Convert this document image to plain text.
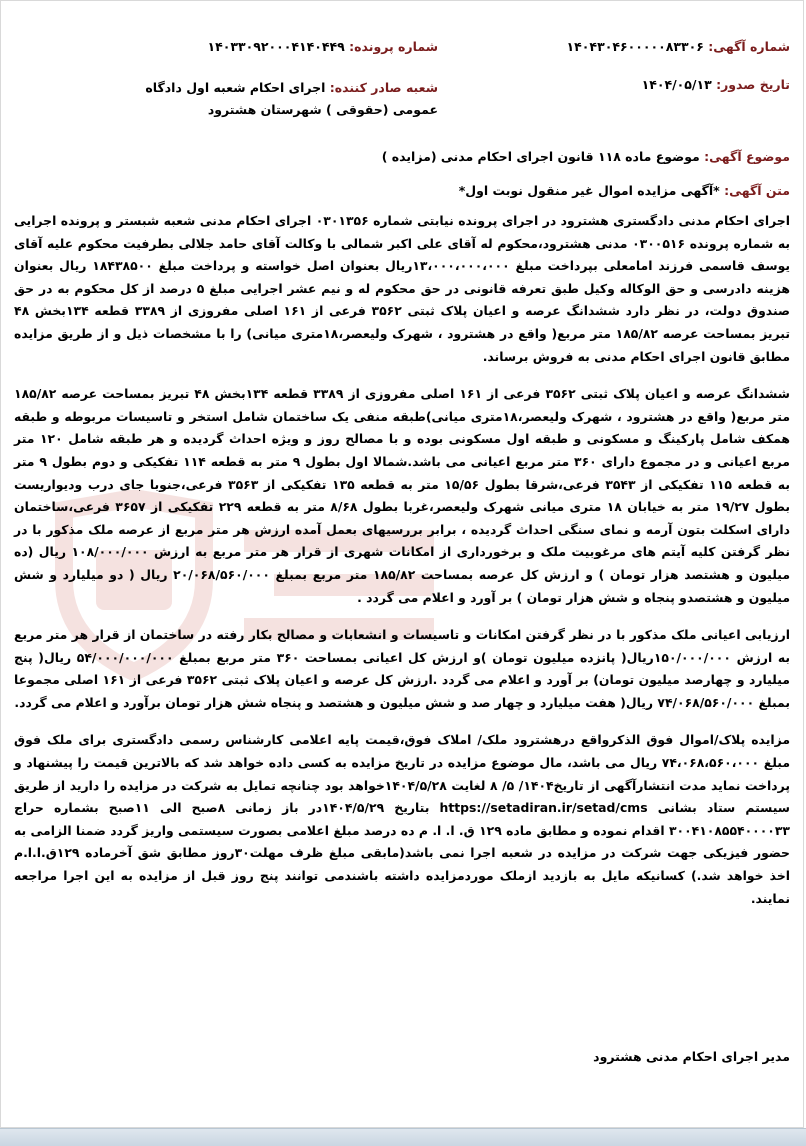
شماره آگهی: ۱۴۰۴۳۰۴۶۰۰۰۰۰۸۳۳۰۶
شماره پرونده: ۱۴۰۳۳۰۹۲۰۰۰۴۱۴۰۴۴۹
تاریخ صدور: ۱۴۰۴/۰۵/۱۳
شعبه صادر کننده: اجرای احکام شعبه اول دادگاه عمومی (حقوقی ) شهرستان هشترود
موضوع آگهی: موضوع ماده ۱۱۸ قانون اجرای احکام مدنی (مزایده )
متن آگهی: *آگهی مزایده اموال غیر منقول نوبت اول*

اجرای احکام مدنی دادگستری هشترود در اجرای پرونده نیابتی شماره ۰۳۰۱۳۵۶ اجرای احکام مدنی شعبه شبستر و پرونده اجرایی به شماره پرونده ۰۳۰۰۵۱۶ مدنی هشترود،محکوم له آقای علی اکبر شمالی با وکالت آقای حامد جلالی بطرفیت محکوم علیه آقای یوسف قاسمی فرزند امامعلی بپرداخت مبلغ ۱۳،۰۰۰،۰۰۰،۰۰۰ریال بعنوان اصل خواسته و پرداخت مبلغ ۱۸۴۳۸۵۰۰ ریال بعنوان هزینه دادرسی و حق الوکاله وکیل طبق تعرفه قانونی در حق محکوم له و نیم عشر اجرایی مبلغ ۵ درصد از کل محکوم به در حق صندوق دولت، در نظر دارد ششدانگ عرصه و اعیان پلاک ثبتی ۳۵۶۲ فرعی از ۱۶۱ اصلی مفروزی از ۳۳۸۹ قطعه ۱۳۴بخش ۴۸ تبریز بمساحت عرصه ۱۸۵/۸۲ متر مربع( واقع در هشترود ، شهرک ولیعصر،۱۸متری میانی) را با مشخصات ذیل و از طریق مزایده مطابق قانون اجرای احکام مدنی به فروش برساند.

ششدانگ عرصه و اعیان پلاک ثبتی ۳۵۶۲ فرعی از ۱۶۱ اصلی مفروزی از ۳۳۸۹ قطعه ۱۳۴بخش ۴۸ تبریز بمساحت عرصه ۱۸۵/۸۲ متر مربع( واقع در هشترود ، شهرک ولیعصر،۱۸متری میانی)طبقه منفی یک ساختمان شامل استخر و تاسیسات مربوطه و طبقه همکف شامل پارکینگ و مسکونی و طبقه اول مسکونی بوده و با مصالح روز و ویژه احداث گردیده و هر طبقه شامل ۱۲۰ متر مربع اعیانی و در مجموع دارای ۳۶۰ متر مربع اعیانی می باشد.شمالا اول بطول ۹ متر به قطعه ۱۱۴ تفکیکی و دوم بطول ۹ متر به قطعه ۱۱۵ تفکیکی از ۳۵۴۳ فرعی،شرقا بطول ۱۵/۵۶ متر به قطعه ۱۳۵ تفکیکی از ۳۵۶۳ فرعی،جنوبا جای درب ودیواریست بطول ۱۹/۲۷ متر به خیابان ۱۸ متری میانی شهرک ولیعصر،غربا بطول ۸/۶۸ متر به قطعه ۲۲۹ تفکیکی از ۳۶۵۷ فرعی،ساختمان دارای اسکلت بتون آرمه و نمای سنگی احداث گردیده ، برابر بررسیهای بعمل آمده ارزش هر متر مربع از عرصه ملک مذکور با در نظر گرفتن کلیه آیتم های مرغوبیت ملک و برخورداری از امکانات شهری از قرار هر متر مربع به ارزش ۱۰۸/۰۰۰/۰۰۰ ریال (ده میلیون و هشتصد هزار تومان ) و ارزش کل عرصه بمساحت ۱۸۵/۸۲ متر مربع بمبلغ ۲۰/۰۶۸/۵۶۰/۰۰۰ ریال ( دو میلیارد و شش میلیون و هشتصدو پنجاه و شش هزار تومان ) بر آورد و اعلام می گردد .

ارزیابی اعیانی ملک مذکور با در نظر گرفتن امکانات و تاسیسات و انشعابات و مصالح بکار رفته در ساختمان از قرار هر متر مربع به ارزش ۱۵۰/۰۰۰/۰۰۰ریال( پانزده میلیون تومان )و ارزش کل اعیانی بمساحت ۳۶۰ متر مربع بمبلغ ۵۴/۰۰۰/۰۰۰/۰۰۰ ریال( پنج میلیارد و چهارصد میلیون تومان) بر آورد و اعلام می گردد .ارزش کل عرصه و اعیان پلاک ثبتی ۳۵۶۲ فرعی از ۱۶۱ اصلی مجموعا بمبلغ ۷۴/۰۶۸/۵۶۰/۰۰۰ ریال( هفت میلیارد و چهار صد و شش میلیون و هشتصد و پنجاه شش هزار تومان برآورد و اعلام می گردد.

مزایده پلاک/اموال فوق الذکرواقع درهشترود ملک/ املاک فوق،قیمت پایه اعلامی کارشناس رسمی دادگستری برای ملک فوق مبلغ ۷۴،۰۶۸،۵۶۰،۰۰۰ ریال می باشد، مال موضوع مزایده در تاریخ مزایده به کسی داده خواهد شد که بالاترین قیمت را پیشنهاد و پرداخت نماید مدت انتشارآگهی از تاریخ۱۴۰۴/ ۵/ ۸ لغایت ۱۴۰۴/۵/۲۸خواهد بود چنانچه تمایل به شرکت در مزایده را دارید از طریق سیستم ستاد بشانی https://setadiran.ir/setad/cms بتاریخ ۱۴۰۴/۵/۲۹در باز زمانی ۸صبح الی ۱۱صبح بشماره حراج ۳۰۰۴۱۰۸۵۵۴۰۰۰۰۳۳ اقدام نموده و مطابق ماده ۱۲۹ ق. ا. ا. م ده درصد مبلغ اعلامی بصورت سیستمی واریز گردد ضمنا الزامی به حضور فیزیکی جهت شرکت در مزایده در شعبه اجرا نمی باشد(مابقی مبلغ ظرف مهلت۳۰روز مطابق شق آخرماده ۱۲۹ق.ا.ا.م اخذ خواهد شد.) کسانیکه مایل به بازدید ازملک موردمزایده داشته باشندمی توانند پنج روز قبل از مزایده به این اجرا مراجعه نمایند.

مدیر اجرای احکام مدنی هشترود
